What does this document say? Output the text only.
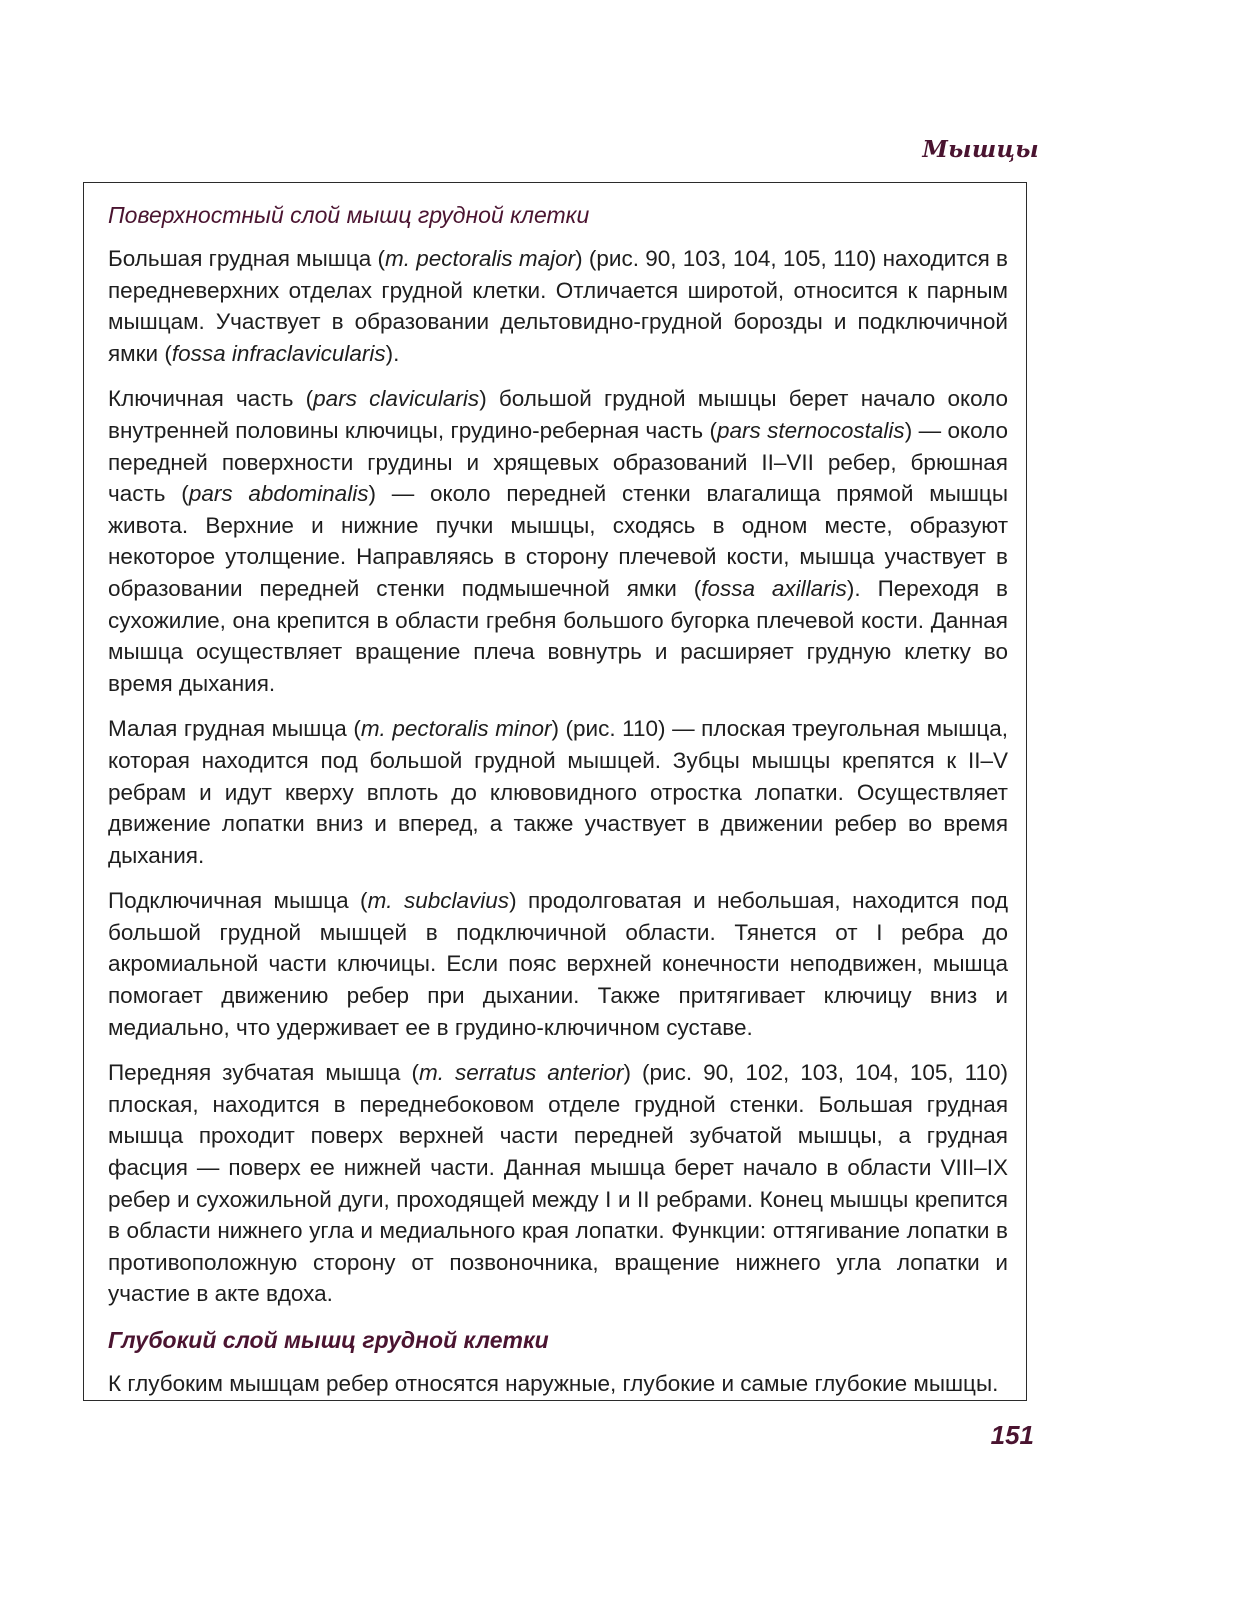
Мышцы
Поверхностный слой мышц грудной клетки

Большая грудная мышца (m. pectoralis major) (рис. 90, 103, 104, 105, 110) находится в передневерхних отделах грудной клетки. Отличается широтой, относится к парным мышцам. Участвует в образовании дельтовидно-грудной борозды и подключичной ямки (fossa infraclavicularis).

Ключичная часть (pars clavicularis) большой грудной мышцы берет начало около внутренней половины ключицы, грудино-реберная часть (pars sternocostalis) — около передней поверхности грудины и хрящевых образований II–VII ребер, брюшная часть (pars abdominalis) — около передней стенки влагалища прямой мышцы живота. Верхние и нижние пучки мышцы, сходясь в одном месте, образуют некоторое утолщение. Направляясь в сторону плечевой кости, мышца участвует в образовании передней стенки подмышечной ямки (fossa axillaris). Переходя в сухожилие, она крепится в области гребня большого бугорка плечевой кости. Данная мышца осуществляет вращение плеча вовнутрь и расширяет грудную клетку во время дыхания.

Малая грудная мышца (m. pectoralis minor) (рис. 110) — плоская треугольная мышца, которая находится под большой грудной мышцей. Зубцы мышцы крепятся к II–V ребрам и идут кверху вплоть до клювовидного отростка лопатки. Осуществляет движение лопатки вниз и вперед, а также участвует в движении ребер во время дыхания.

Подключичная мышца (m. subclavius) продолговатая и небольшая, находится под большой грудной мышцей в подключичной области. Тянется от I ребра до акромиальной части ключицы. Если пояс верхней конечности неподвижен, мышца помогает движению ребер при дыхании. Также притягивает ключицу вниз и медиально, что удерживает ее в грудино-ключичном суставе.

Передняя зубчатая мышца (m. serratus anterior) (рис. 90, 102, 103, 104, 105, 110) плоская, находится в переднебоковом отделе грудной стенки. Большая грудная мышца проходит поверх верхней части передней зубчатой мышцы, а грудная фасция — поверх ее нижней части. Данная мышца берет начало в области VIII–IX ребер и сухожильной дуги, проходящей между I и II ребрами. Конец мышцы крепится в области нижнего угла и медиального края лопатки. Функции: оттягивание лопатки в противоположную сторону от позвоночника, вращение нижнего угла лопатки и участие в акте вдоха.

Глубокий слой мышц грудной клетки

К глубоким мышцам ребер относятся наружные, глубокие и самые глубокие мышцы.

151
